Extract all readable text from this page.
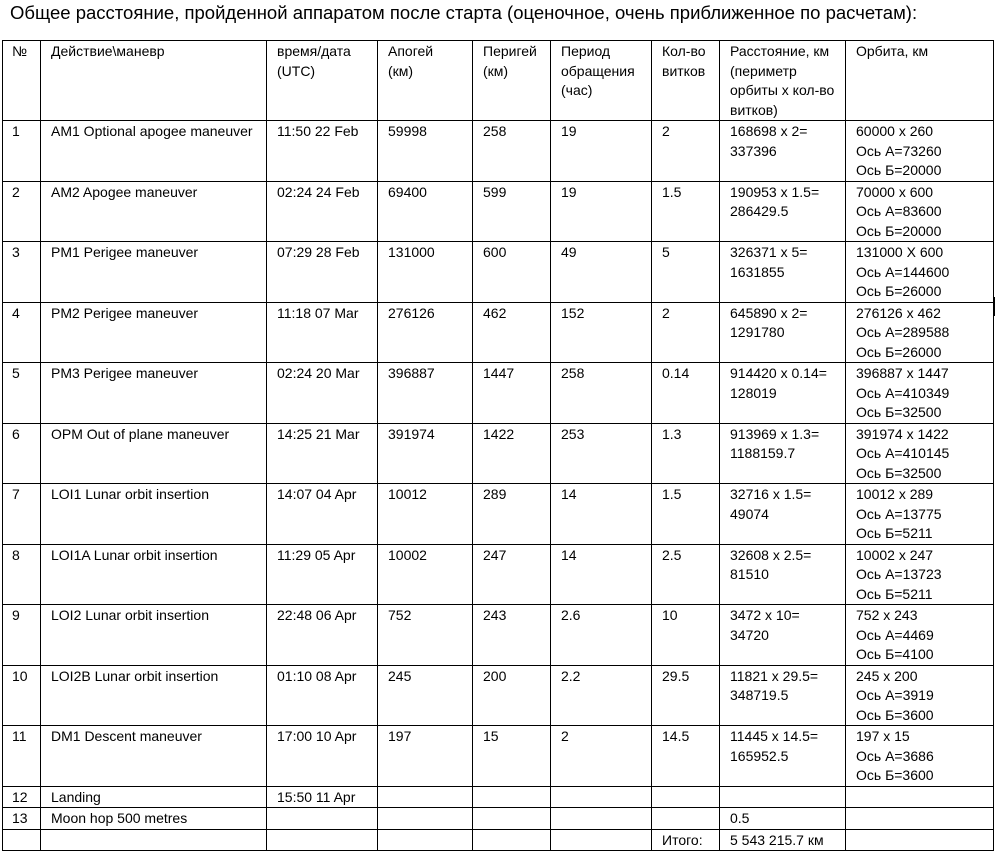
Общее расстояние, пройденной аппаратом после старта (оценочное, очень приближенное по расчетам):
№	Действие\маневр	время/дата (UTC)	Апогей (км)	Перигей (км)	Период обращения (час)	Кол-во витков	Расстояние, км (периметр орбиты х кол-во витков)	Орбита, км
1	AM1 Optional apogee maneuver	11:50 22 Feb	59998	258	19	2	168698 x 2= 337396	60000 x 260
Ось А=73260
Ось Б=20000
2	AM2 Apogee maneuver	02:24 24 Feb	69400	599	19	1.5	190953 x 1.5= 286429.5	70000 x 600
Ось А=83600
Ось Б=20000
3	PM1 Perigee maneuver	07:29 28 Feb	131000	600	49	5	326371 x 5= 1631855	131000 X 600
Ось А=144600
Ось Б=26000
4	PM2 Perigee maneuver	11:18 07 Mar	276126	462	152	2	645890 x 2= 1291780	276126 x 462
Ось А=289588
Ось Б=26000
5	PM3 Perigee maneuver	02:24 20 Mar	396887	1447	258	0.14	914420 x 0.14= 128019	396887 x 1447
Ось А=410349
Ось Б=32500
6	OPM Out of plane maneuver	14:25 21 Mar	391974	1422	253	1.3	913969 x 1.3= 1188159.7	391974 x 1422
Ось А=410145
Ось Б=32500
7	LOI1 Lunar orbit insertion	14:07 04 Apr	10012	289	14	1.5	32716 x 1.5= 49074	10012 x 289
Ось А=13775
Ось Б=5211
8	LOI1A Lunar orbit insertion	11:29 05 Apr	10002	247	14	2.5	32608 x 2.5= 81510	10002 x 247
Ось А=13723
Ось Б=5211
9	LOI2 Lunar orbit insertion	22:48 06 Apr	752	243	2.6	10	3472 x 10= 34720	752 x 243
Ось А=4469
Ось Б=4100
10	LOI2B Lunar orbit insertion	01:10 08 Apr	245	200	2.2	29.5	11821 x 29.5= 348719.5	245 x 200
Ось А=3919
Ось Б=3600
11	DM1 Descent maneuver	17:00 10 Apr	197	15	2	14.5	11445 x 14.5= 165952.5	197 x 15
Ось А=3686
Ось Б=3600
12	Landing	15:50 11 Apr						
13	Moon hop 500 metres						0.5	
						Итого:	5 543 215.7 км	
